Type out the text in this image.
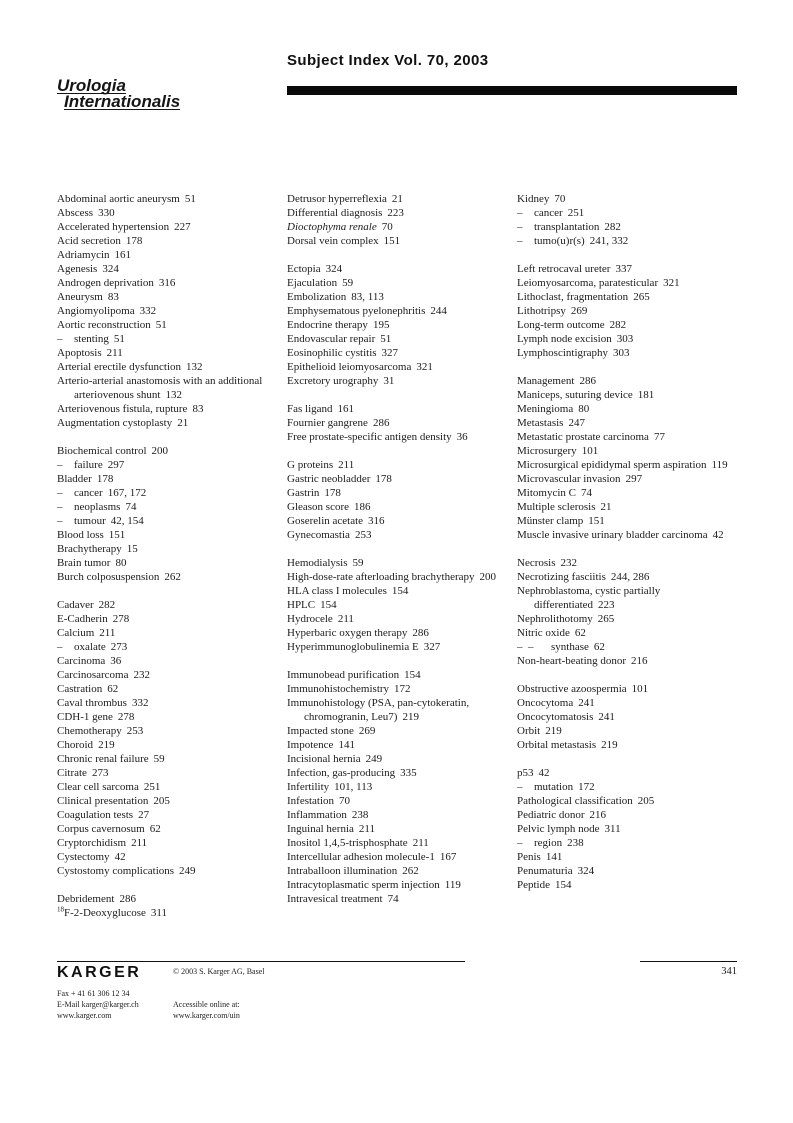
Subject Index Vol. 70, 2003
Urologia
Internationalis

Abdominal aortic aneurysm 51

Abscess 330

Accelerated hypertension 227

Acid secretion 178

Adriamycin 161

Agenesis 324

Androgen deprivation 316

Aneurysm 83

Angiomyolipoma 332

Aortic reconstruction 51

– stenting 51

Apoptosis 211

Arterial erectile dysfunction 132

Arterio-arterial anastomosis with an additional arteriovenous shunt 132

Arteriovenous fistula, rupture 83

Augmentation cystoplasty 21

Biochemical control 200

– failure 297

Bladder 178

– cancer 167, 172

– neoplasms 74

– tumour 42, 154

Blood loss 151

Brachytherapy 15

Brain tumor 80

Burch colposuspension 262

Cadaver 282

E-Cadherin 278

Calcium 211

– oxalate 273

Carcinoma 36

Carcinosarcoma 232

Castration 62

Caval thrombus 332

CDH-1 gene 278

Chemotherapy 253

Choroid 219

Chronic renal failure 59

Citrate 273

Clear cell sarcoma 251

Clinical presentation 205

Coagulation tests 27

Corpus cavernosum 62

Cryptorchidism 211

Cystectomy 42

Cystostomy complications 249

Debridement 286

$^{18}$F-2-Deoxyglucose 311

Detrusor hyperreflexia 21

Differential diagnosis 223

Dioctophyma renale 70

Dorsal vein complex 151

Ectopia 324

Ejaculation 59

Embolization 83, 113

Emphysematous pyelonephritis 244

Endocrine therapy 195

Endovascular repair 51

Eosinophilic cystitis 327

Epithelioid leiomyosarcoma 321

Excretory urography 31

Fas ligand 161

Fournier gangrene 286

Free prostate-specific antigen density 36

G proteins 211

Gastric neobladder 178

Gastrin 178

Gleason score 186

Goserelin acetate 316

Gynecomastia 253

Hemodialysis 59

High-dose-rate afterloading brachytherapy 200

HLA class I molecules 154

HPLC 154

Hydrocele 211

Hyperbaric oxygen therapy 286

Hyperimmunoglobulinemia E 327

Immunobead purification 154

Immunohistochemistry 172

Immunohistology (PSA, pan-cytokeratin, chromogranin, Leu7) 219

Impacted stone 269

Impotence 141

Incisional hernia 249

Infection, gas-producing 335

Infertility 101, 113

Infestation 70

Inflammation 238

Inguinal hernia 211

Inositol 1,4,5-trisphosphate 211

Intercellular adhesion molecule-1 167

Intraballoon illumination 262

Intracytoplasmatic sperm injection 119

Intravesical treatment 74

Kidney 70

– cancer 251

– transplantation 282

– tumo(u)r(s) 241, 332

Left retrocaval ureter 337

Leiomyosarcoma, paratesticular 321

Lithoclast, fragmentation 265

Lithotripsy 269

Long-term outcome 282

Lymph node excision 303

Lymphoscintigraphy 303

Management 286

Maniceps, suturing device 181

Meningioma 80

Metastasis 247

Metastatic prostate carcinoma 77

Microsurgery 101

Microsurgical epididymal sperm aspiration 119

Microvascular invasion 297

Mitomycin C 74

Multiple sclerosis 21

Münster clamp 151

Muscle invasive urinary bladder carcinoma 42

Necrosis 232

Necrotizing fasciitis 244, 286

Nephroblastoma, cystic partially differentiated 223

Nephrolithotomy 265

Nitric oxide 62

–  – synthase 62

Non-heart-beating donor 216

Obstructive azoospermia 101

Oncocytoma 241

Oncocytomatosis 241

Orbit 219

Orbital metastasis 219

p53 42

– mutation 172

Pathological classification 205

Pediatric donor 216

Pelvic lymph node 311

– region 238

Penis 141

Penumaturia 324

Peptide 154

KARGER	© 2003 S. Karger AG, Basel	341

Fax + 41 61 306 12 34

E-Mail karger@karger.ch

www.karger.com

Accessible online at:

www.karger.com/uin
